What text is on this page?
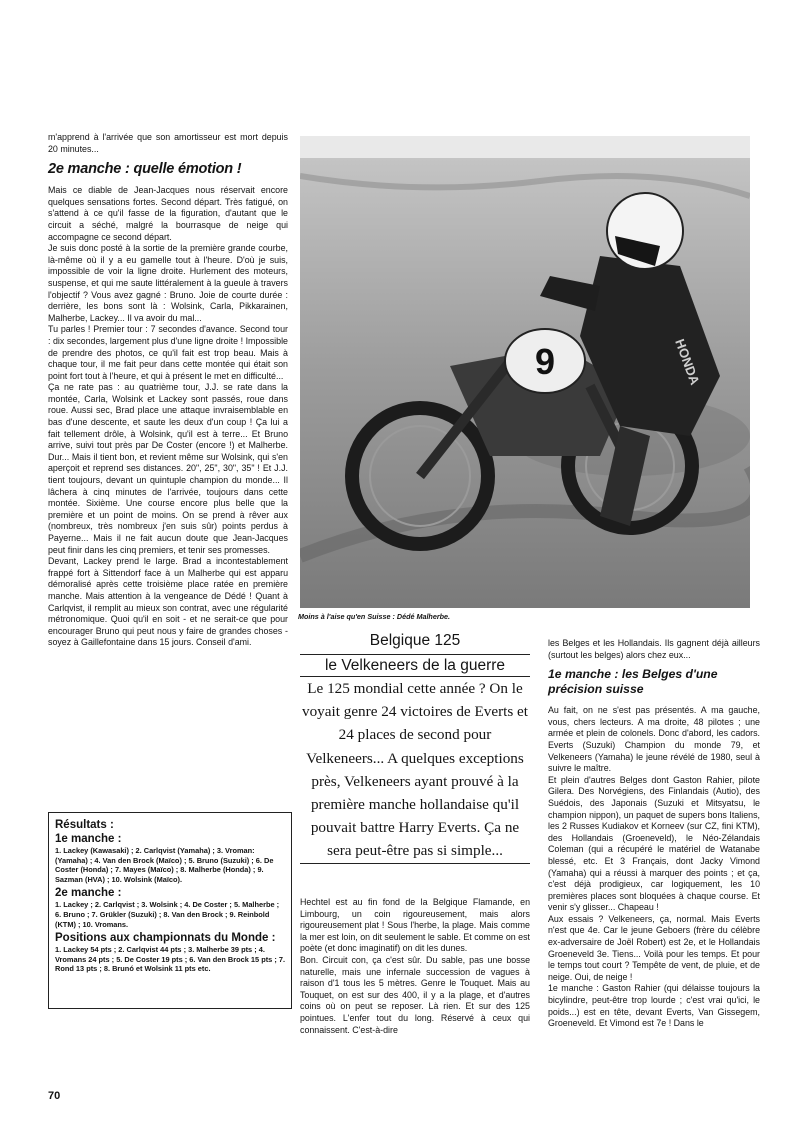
m'apprend à l'arrivée que son amortisseur est mort depuis 20 minutes...

2e manche : quelle émotion !

Mais ce diable de Jean-Jacques nous réservait encore quelques sensations fortes. Second départ. Très fatigué, on s'attend à ce qu'il fasse de la figuration, d'autant que le circuit a séché, malgré la bourrasque de neige qui accompagne ce second départ.

Je suis donc posté à la sortie de la première grande courbe, là-même où il y a eu gamelle tout à l'heure. D'où je suis, impossible de voir la ligne droite. Hurlement des moteurs, suspense, et qui me saute littéralement à la gueule à travers l'objectif ? Vous avez gagné : Bruno. Joie de courte durée : derrière, les bons sont là : Wolsink, Carla, Pikkarainen, Malherbe, Lackey... Il va avoir du mal...

Tu parles ! Premier tour : 7 secondes d'avance. Second tour : dix secondes, largement plus d'une ligne droite ! Impossible de prendre des photos, ce qu'il fait est trop beau. Mais à chaque tour, il me fait peur dans cette montée qui était son point fort tout à l'heure, et qui à présent le met en difficulté...

Ça ne rate pas : au quatrième tour, J.J. se rate dans la montée, Carla, Wolsink et Lackey sont passés, roue dans roue. Aussi sec, Brad place une attaque invraisemblable en bas d'une descente, et saute les deux d'un coup ! Ça lui a fait tellement drôle, à Wolsink, qu'il est à terre... Et Bruno arrive, suivi tout près par De Coster (encore !) et Malherbe. Dur... Mais il tient bon, et revient même sur Wolsink, qui s'en aperçoit et reprend ses distances. 20", 25", 30", 35" ! Et J.J. tient toujours, devant un quintuple champion du monde... Il lâchera à cinq minutes de l'arrivée, toujours dans cette montée. Sixième. Une course encore plus belle que la première et un point de moins. On se prend à rêver aux (nombreux, très nombreux j'en suis sûr) points perdus à Payerne... Mais il ne fait aucun doute que Jean-Jacques peut finir dans les cinq premiers, et tenir ses promesses.

Devant, Lackey prend le large. Brad a incontestablement frappé fort à Sittendorf face à un Malherbe qui est apparu démoralisé après cette troisième place ratée en première manche. Mais attention à la vengeance de Dédé ! Quant à Carlqvist, il remplit au mieux son contrat, avec une régularité métronomique. Quoi qu'il en soit - et ne serait-ce que pour encourager Bruno qui peut nous y faire de grandes choses - soyez à Gaillefontaine dans 15 jours. Conseil d'ami.

Résultats :
1e manche :

1. Lackey (Kawasaki) ; 2. Carlqvist (Yamaha) ; 3. Vroman: (Yamaha) ; 4. Van den Brock (Maïco) ; 5. Bruno (Suzuki) ; 6. De Coster (Honda) ; 7. Mayes (Maïco) ; 8. Malherbe (Honda) ; 9. Sazman (HVA) ; 10. Wolsink (Maïco).

2e manche :

1. Lackey ; 2. Carlqvist ; 3. Wolsink ; 4. De Coster ; 5. Malherbe ; 6. Bruno ; 7. Grükler (Suzuki) ; 8. Van den Brock ; 9. Reinbold (KTM) ; 10. Vromans.

Positions aux championnats du Monde :

1. Lackey 54 pts ; 2. Carlqvist 44 pts ; 3. Malherbe 39 pts ; 4. Vromans 24 pts ; 5. De Coster 19 pts ; 6. Van den Brock 15 pts ; 7. Rond 13 pts ; 8. Brunó et Wolsink 11 pts etc.

70
9	HONDA
Moins à l'aise qu'en Suisse : Dédé Malherbe.
Belgique 125
le Velkeneers de la guerre
Le 125 mondial cette année ? On le voyait genre 24 victoires de Everts et 24 places de second pour Velkeneers... A quelques exceptions près, Velkeneers ayant prouvé à la première manche hollandaise qu'il pouvait battre Harry Everts. Ça ne sera peut-être pas si simple...

Hechtel est au fin fond de la Belgique Flamande, en Limbourg, un coin rigoureusement, mais alors rigoureusement plat ! Sous l'herbe, la plage. Mais comme la mer est loin, on dit seulement le sable. Et comme on est poète (et donc imaginatif) on dit les dunes.

Bon. Circuit con, ça c'est sûr. Du sable, pas une bosse naturelle, mais une infernale succession de vagues à raison d'1 tous les 5 mètres. Genre le Touquet. Mais au Touquet, on est sur des 400, il y a la plage, et d'autres coins où on peut se reposer. Là rien. Et sur des 125 pointues. L'enfer tout du long. Réservé à ceux qui connaissent. C'est-à-dire

les Belges et les Hollandais. Ils gagnent déjà ailleurs (surtout les belges) alors chez eux...

1e manche : les Belges d'une précision suisse

Au fait, on ne s'est pas présentés. A ma gauche, vous, chers lecteurs. A ma droite, 48 pilotes ; une armée et plein de colonels. Donc d'abord, les cadors. Everts (Suzuki) Champion du monde 79, et Velkeneers (Yamaha) le jeune révélé de 1980, seul à suivre le maître.

Et plein d'autres Belges dont Gaston Rahier, pilote Gilera. Des Norvégiens, des Finlandais (Autio), des Suédois, des Japonais (Suzuki et Mitsyatsu, le champion nippon), un paquet de supers bons Italiens, les 2 Russes Kudiakov et Korneev (sur CZ, fini KTM), des Hollandais (Groeneveld), le Néo-Zélandais Coleman (qui a récupéré le matériel de Watanabe blessé, etc. Et 3 Français, dont Jacky Vimond (Yamaha) qui a réussi à marquer des points ; et ça, c'est déjà prodigieux, car logiquement, les 10 premières places sont bloquées à chaque course. Et venir s'y glisser... Chapeau !

Aux essais ? Velkeneers, ça, normal. Mais Everts n'est que 4e. Car le jeune Geboers (frère du célèbre ex-adversaire de Joël Robert) est 2e, et le Hollandais Groeneveld 3e. Tiens... Voilà pour les temps. Et pour le temps tout court ? Tempête de vent, de pluie, et de neige. Oui, de neige !

1e manche : Gaston Rahier (qui délaisse toujours la bicylindre, peut-être trop lourde ; c'est vrai qu'ici, le poids...) est en tête, devant Everts, Van Gissegem, Groeneveld. Et Vimond est 7e ! Dans le
